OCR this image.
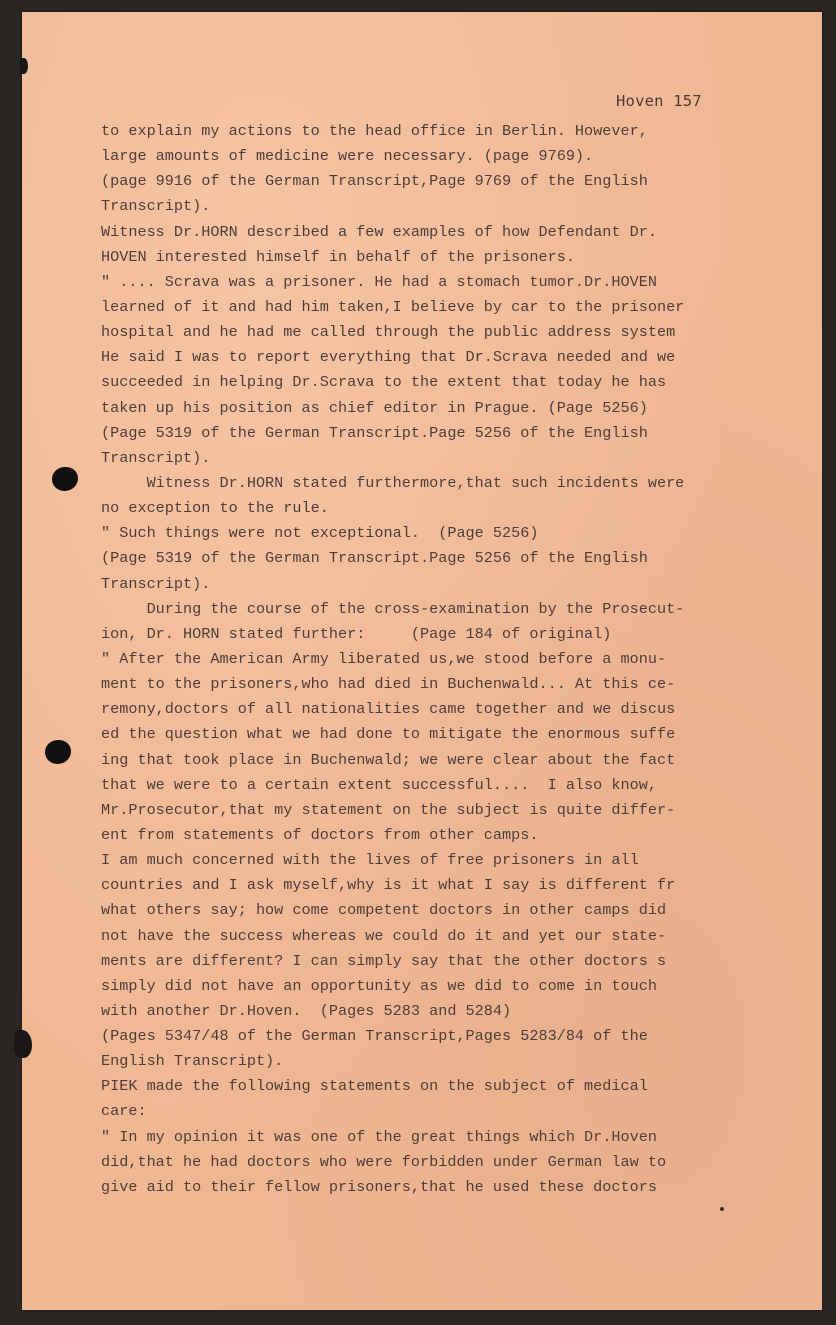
Hoven 157
to explain my actions to the head office in Berlin. However,
large amounts of medicine were necessary. (page 9769).
(page 9916 of the German Transcript,Page 9769 of the English
Transcript).
Witness Dr.HORN described a few examples of how Defendant Dr.
HOVEN interested himself in behalf of the prisoners.
" .... Scrava was a prisoner. He had a stomach tumor.Dr.HOVEN
learned of it and had him taken,I believe by car to the prisoner
hospital and he had me called through the public address system
He said I was to report everything that Dr.Scrava needed and we
succeeded in helping Dr.Scrava to the extent that today he has
taken up his position as chief editor in Prague. (Page 5256)
(Page 5319 of the German Transcript.Page 5256 of the English
Transcript).
Witness Dr.HORN stated furthermore,that such incidents were
no exception to the rule.
" Such things were not exceptional.  (Page 5256)
(Page 5319 of the German Transcript.Page 5256 of the English
Transcript).
During the course of the cross-examination by the Prosecut-
ion, Dr. HORN stated further:     (Page 184 of original)
" After the American Army liberated us,we stood before a monu-
ment to the prisoners,who had died in Buchenwald... At this ce-
remony,doctors of all nationalities came together and we discus
ed the question what we had done to mitigate the enormous suffe
ing that took place in Buchenwald; we were clear about the fact
that we were to a certain extent successful....  I also know,
Mr.Prosecutor,that my statement on the subject is quite differ-
ent from statements of doctors from other camps.
I am much concerned with the lives of free prisoners in all
countries and I ask myself,why is it what I say is different fr
what others say; how come competent doctors in other camps did
not have the success whereas we could do it and yet our state-
ments are different? I can simply say that the other doctors s
simply did not have an opportunity as we did to come in touch
with another Dr.Hoven.  (Pages 5283 and 5284)
(Pages 5347/48 of the German Transcript,Pages 5283/84 of the
English Transcript).
PIEK made the following statements on the subject of medical
care:
" In my opinion it was one of the great things which Dr.Hoven
did,that he had doctors who were forbidden under German law to
give aid to their fellow prisoners,that he used these doctors
